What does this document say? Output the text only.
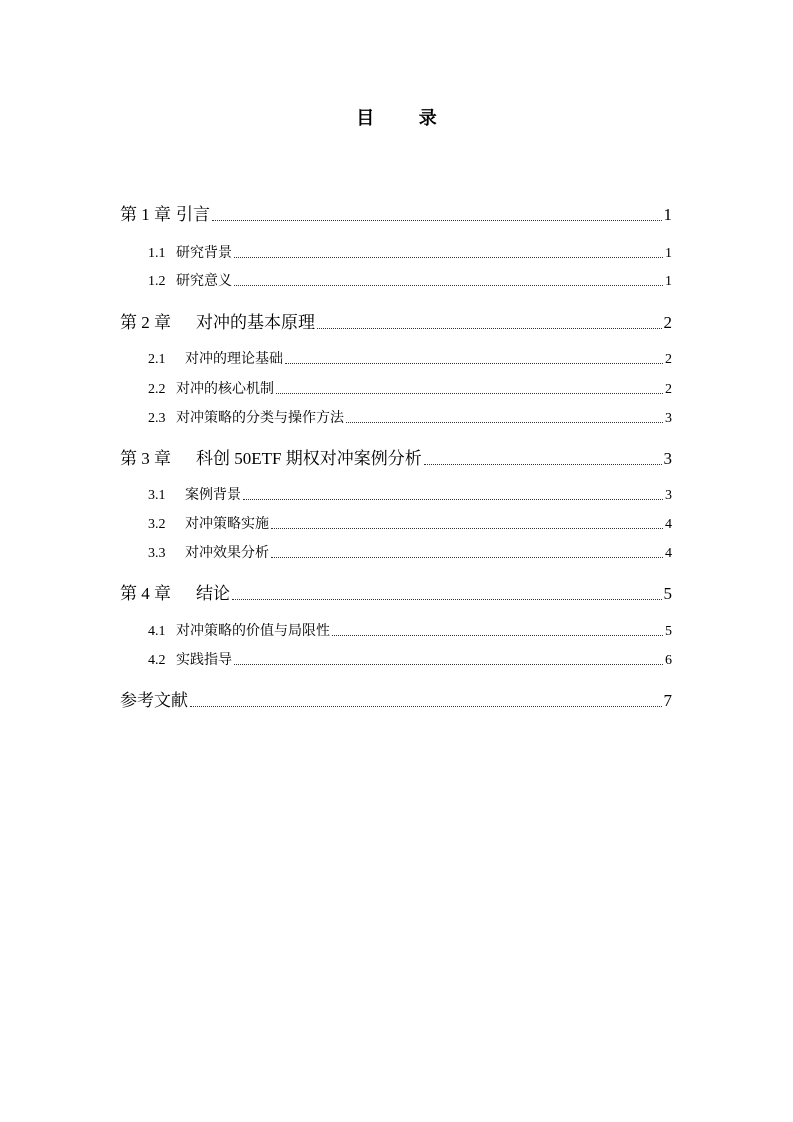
目 录
第 1 章 引言	1
1.1 研究背景	1
1.2 研究意义	1
第 2 章	对冲的基本原理	2
2.1	对冲的理论基础	2
2.2 对冲的核心机制	2
2.3 对冲策略的分类与操作方法	3
第 3 章	科创 50ETF 期权对冲案例分析	3
3.1	案例背景	3
3.2	对冲策略实施	4
3.3	对冲效果分析	4
第 4 章	结论	5
4.1 对冲策略的价值与局限性	5
4.2 实践指导	6
参考文献	7
